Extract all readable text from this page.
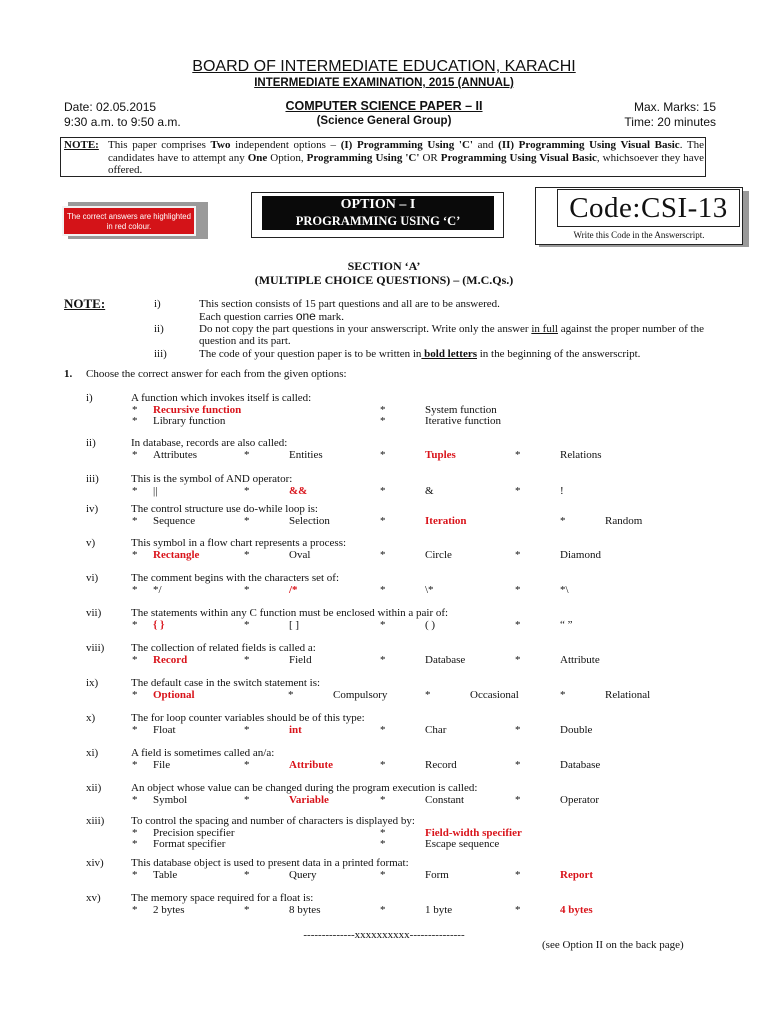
BOARD OF INTERMEDIATE EDUCATION, KARACHI
INTERMEDIATE EXAMINATION, 2015 (ANNUAL)
Date: 02.05.2015
9:30 a.m. to 9:50 a.m.
COMPUTER SCIENCE PAPER – II
(Science General Group)
Max. Marks: 15
Time: 20 minutes
NOTE: This paper comprises Two independent options – (I) Programming Using 'C' and (II) Programming Using Visual Basic. The candidates have to attempt any One Option, Programming Using 'C' OR Programming Using Visual Basic, whichsoever they have offered.
The correct answers are highlighted in red colour.
OPTION – I
PROGRAMMING USING ‘C’	Code:CSI-13
Write this Code in the Answerscript.
SECTION ‘A’
(MULTIPLE CHOICE QUESTIONS) – (M.C.Qs.)
NOTE:	i)	This section consists of 15 part questions and all are to be answered.
Each question carries one mark.
ii)	Do not copy the part questions in your answerscript. Write only the answer in full against the proper number of the question and its part.
iii)	The code of your question paper is to be written in bold letters in the beginning of the answerscript.
1. Choose the correct answer for each from the given options:
i)	A function which invokes itself is called:
* Recursive function	*	System function
* Library function	*	Iterative function
ii)	In database, records are also called:
* Attributes	*	Entities	*	Tuples	*	Relations
iii)	This is the symbol of AND operator:
* ||	*	&&	*	&	*	!
iv)	The control structure use do-while loop is:
* Sequence	*	Selection	*	Iteration	*	Random
v)	This symbol in a flow chart represents a process:
* Rectangle	*	Oval	*	Circle	*	Diamond
vi)	The comment begins with the characters set of:
* */	*	/*	*	\*	*	*\
vii)	The statements within any C function must be enclosed within a pair of:
* { }	*	[ ]	*	( )	*	“ ”
viii) The collection of related fields is called a:
* Record	*	Field	*	Database	*	Attribute
ix)	The default case in the switch statement is:
* Optional	*	Compulsory	*	Occasional	*	Relational
x)	The for loop counter variables should be of this type:
* Float	*	int	*	Char	*	Double
xi)	A field is sometimes called an/a:
* File	*	Attribute	*	Record	*	Database
xii)	An object whose value can be changed during the program execution is called:
* Symbol	*	Variable	*	Constant	*	Operator
xiii) To control the spacing and number of characters is displayed by:
* Precision specifier	*	Field-width specifier
* Format specifier	*	Escape sequence
xiv) This database object is used to present data in a printed format:
* Table	*	Query	*	Form	*	Report
xv)	The memory space required for a float is:
* 2 bytes	*	8 bytes	*	1 byte	*	4 bytes
--------------xxxxxxxxxx---------------
(see Option II on the back page)
